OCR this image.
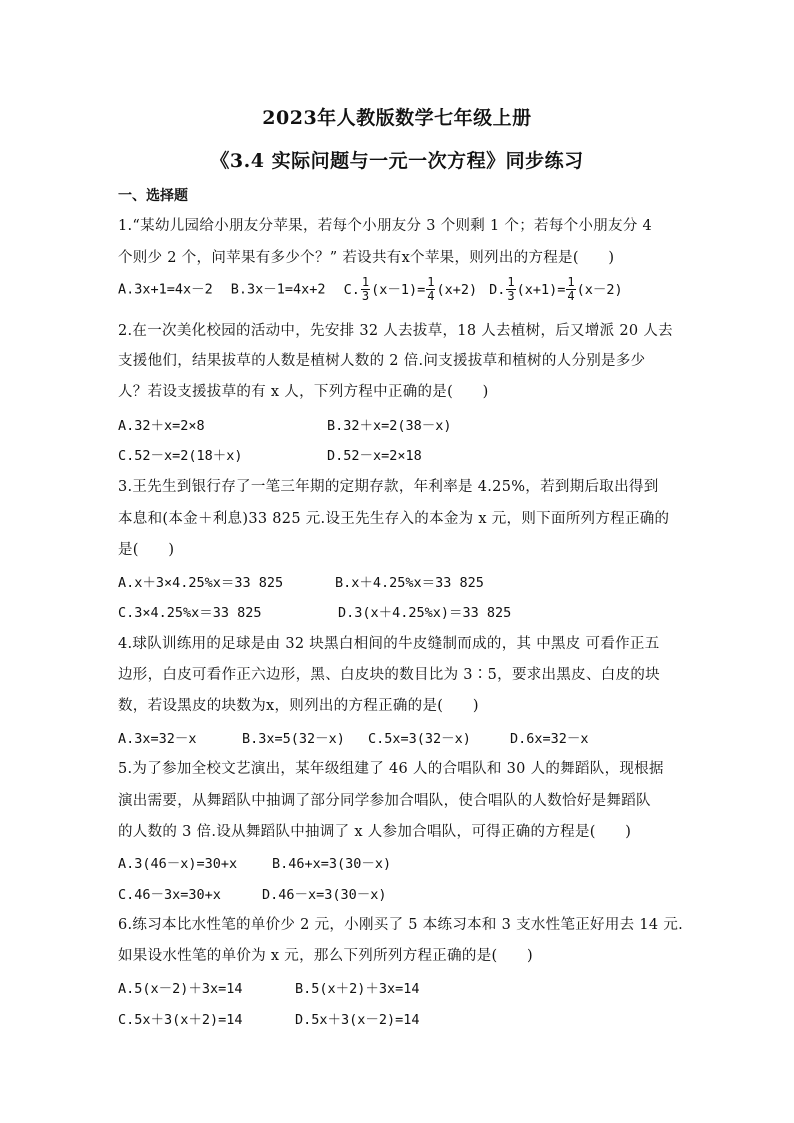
2023年人教版数学七年级上册
《3.4 实际问题与一元一次方程》同步练习
一、选择题
1.“某幼儿园给小朋友分苹果，若每个小朋友分 3 个则剩 1 个；若每个小朋友分 4
个则少 2 个，问苹果有多少个？” 若设共有x个苹果，则列出的方程是(　　)
A.3x+1=4x－2 B.3x－1=4x+2 C. $\frac{1}{3} (x-1)= \frac{1}{4} (x+2)$ D. $\frac{1}{3} (x+1)= \frac{1}{4} (x-2)$
2.在一次美化校园的活动中，先安排 32 人去拔草，18 人去植树，后又增派 20 人去
支援他们，结果拔草的人数是植树人数的 2 倍.问支援拔草和植树的人分别是多少
人？若设支援拔草的有 x 人，下列方程中正确的是(　　)
A.32＋x=2×8	B.32＋x=2(38－x)
C.52－x=2(18＋x)	D.52－x=2×18
3.王先生到银行存了一笔三年期的定期存款，年利率是 4.25%，若到期后取出得到
本息和(本金＋利息)33 825 元.设王先生存入的本金为 x 元，则下面所列方程正确的
是(　　)
A.x＋3×4.25%x＝33 825	B.x＋4.25%x＝33 825
C.3×4.25%x＝33 825	D.3(x＋4.25%x)＝33 825
4.球队训练用的足球是由 32 块黑白相间的牛皮缝制而成的，其 中黑皮 可看作正五
边形，白皮可看作正六边形，黑、白皮块的数目比为 3∶5，要求出黑皮、白皮的块
数，若设黑皮的块数为x，则列出的方程正确的是(　　)
A.3x=32－x	B.3x=5(32－x) C.5x=3(32－x)	D.6x=32－x
5.为了参加全校文艺演出，某年级组建了 46 人的合唱队和 30 人的舞蹈队，现根据
演出需要，从舞蹈队中抽调了部分同学参加合唱队，使合唱队的人数恰好是舞蹈队
的人数的 3 倍.设从舞蹈队中抽调了 x 人参加合唱队，可得正确的方程是(　　)
A.3(46－x)=30+x	B.46+x=3(30－x)
C.46－3x=30+x	D.46－x=3(30－x)
6.练习本比水性笔的单价少 2 元，小刚买了 5 本练习本和 3 支水性笔正好用去 14 元.
如果设水性笔的单价为 x 元，那么下列所列方程正确的是(　　)
A.5(x－2)＋3x=14	B.5(x＋2)＋3x=14
C.5x＋3(x＋2)=14	D.5x＋3(x－2)=14
